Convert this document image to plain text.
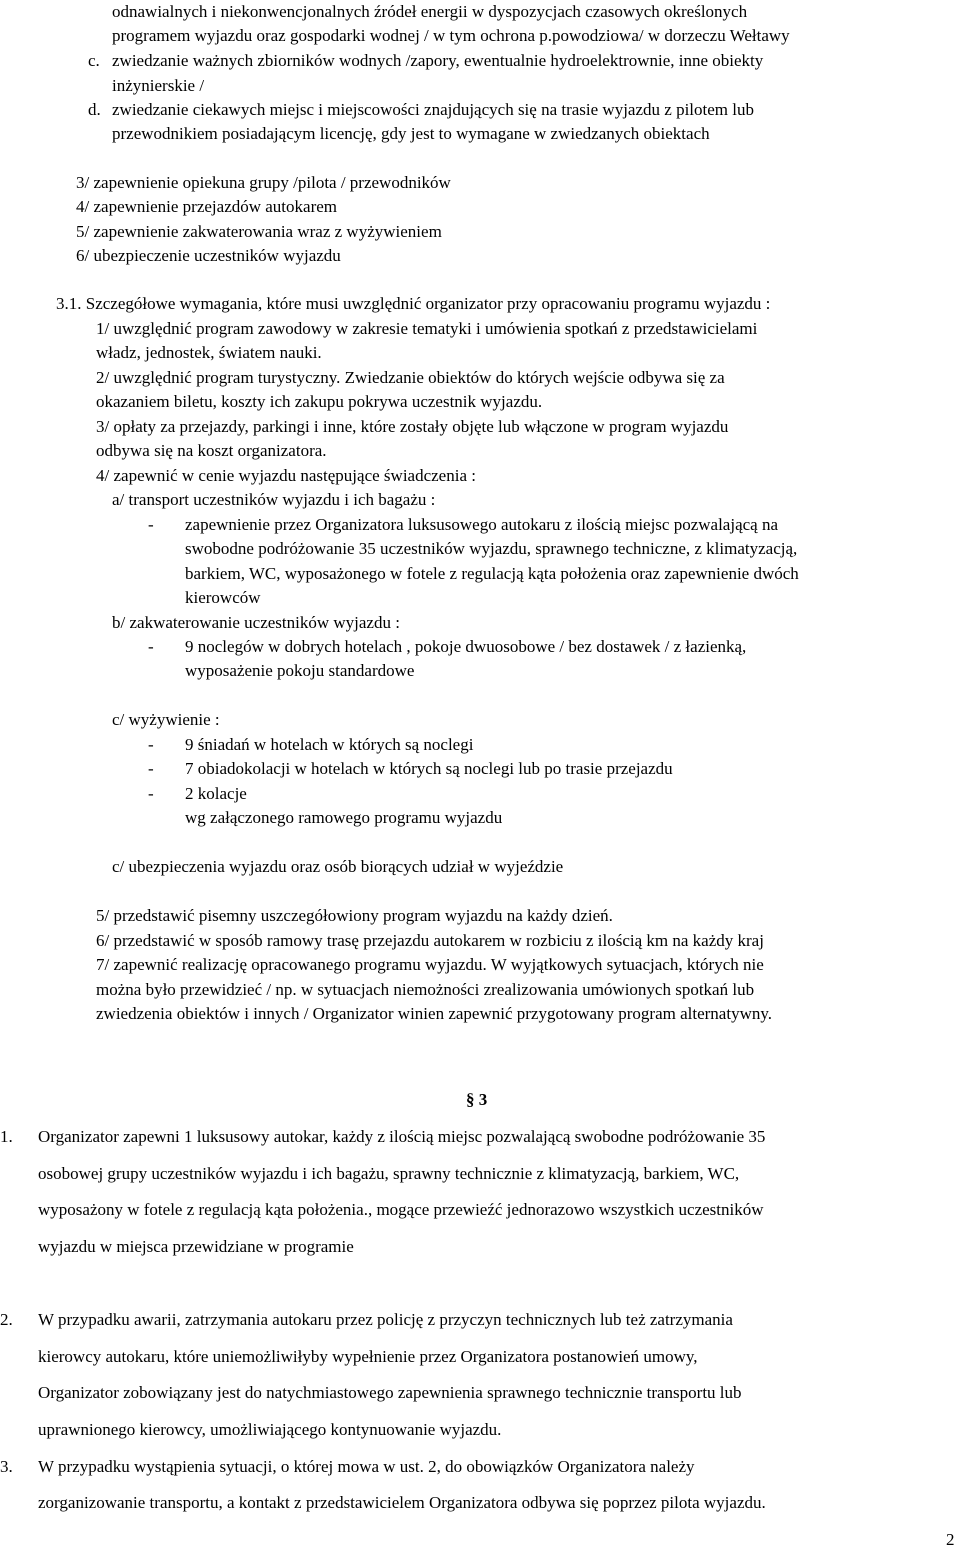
odnawialnych i niekonwencjonalnych źródeł energii w dyspozycjach czasowych określonych
programem wyjazdu oraz gospodarki wodnej / w tym ochrona p.powodziowa/ w dorzeczu Wełtawy
c. zwiedzanie ważnych zbiorników wodnych /zapory, ewentualnie hydroelektrownie, inne obiekty
inżynierskie /
d. zwiedzanie ciekawych miejsc i miejscowości znajdujących się na trasie wyjazdu z pilotem lub
przewodnikiem posiadającym licencję, gdy jest to wymagane w zwiedzanych obiektach
3/ zapewnienie opiekuna grupy /pilota / przewodników
4/ zapewnienie przejazdów autokarem
5/ zapewnienie zakwaterowania wraz z wyżywieniem
6/ ubezpieczenie uczestników wyjazdu
3.1. Szczegółowe wymagania, które musi uwzględnić organizator przy opracowaniu programu wyjazdu :
1/ uwzględnić program zawodowy w zakresie tematyki i umówienia spotkań z przedstawicielami
władz, jednostek, światem nauki.
2/ uwzględnić program turystyczny. Zwiedzanie obiektów do których wejście odbywa się za
okazaniem biletu, koszty ich zakupu pokrywa uczestnik wyjazdu.
3/ opłaty za przejazdy, parkingi i inne, które zostały objęte lub włączone w program wyjazdu
odbywa się na koszt organizatora.
4/ zapewnić w cenie wyjazdu następujące świadczenia :
a/ transport uczestników wyjazdu i ich bagażu :
- zapewnienie przez Organizatora luksusowego autokaru z ilością miejsc pozwalającą na
swobodne podróżowanie 35 uczestników wyjazdu, sprawnego techniczne, z klimatyzacją,
barkiem, WC, wyposażonego w fotele z regulacją kąta położenia oraz zapewnienie dwóch
kierowców
b/ zakwaterowanie uczestników wyjazdu :
- 9 noclegów w dobrych hotelach , pokoje dwuosobowe / bez dostawek / z łazienką,
wyposażenie pokoju standardowe
c/ wyżywienie :
- 9 śniadań w hotelach w których są noclegi
- 7 obiadokolacji w hotelach w których są noclegi lub po trasie przejazdu
- 2 kolacje
wg załączonego ramowego programu wyjazdu
c/ ubezpieczenia wyjazdu oraz osób biorących udział w wyjeździe
5/ przedstawić pisemny uszczegółowiony program wyjazdu na każdy dzień.
6/ przedstawić w sposób ramowy trasę przejazdu autokarem w rozbiciu z ilością km na każdy kraj
7/ zapewnić realizację opracowanego programu wyjazdu. W wyjątkowych sytuacjach, których nie
można było przewidzieć / np. w sytuacjach niemożności zrealizowania umówionych spotkań lub
zwiedzenia obiektów i innych / Organizator winien zapewnić przygotowany program alternatywny.
§ 3
1. Organizator zapewni 1 luksusowy autokar, każdy z ilością miejsc pozwalającą swobodne podróżowanie 35
osobowej grupy uczestników wyjazdu i ich bagażu, sprawny technicznie z klimatyzacją, barkiem, WC,
wyposażony w fotele z regulacją kąta położenia., mogące przewieźć jednorazowo wszystkich uczestników
wyjazdu w miejsca przewidziane w programie
2. W przypadku awarii, zatrzymania autokaru przez policję z przyczyn technicznych lub też zatrzymania
kierowcy autokaru, które uniemożliwiłyby wypełnienie przez Organizatora postanowień umowy,
Organizator zobowiązany jest do natychmiastowego zapewnienia sprawnego technicznie transportu lub
uprawnionego kierowcy, umożliwiającego kontynuowanie wyjazdu.
3. W przypadku wystąpienia sytuacji, o której mowa w ust. 2, do obowiązków Organizatora należy
zorganizowanie transportu, a kontakt z przedstawicielem Organizatora odbywa się poprzez pilota wyjazdu.
2
